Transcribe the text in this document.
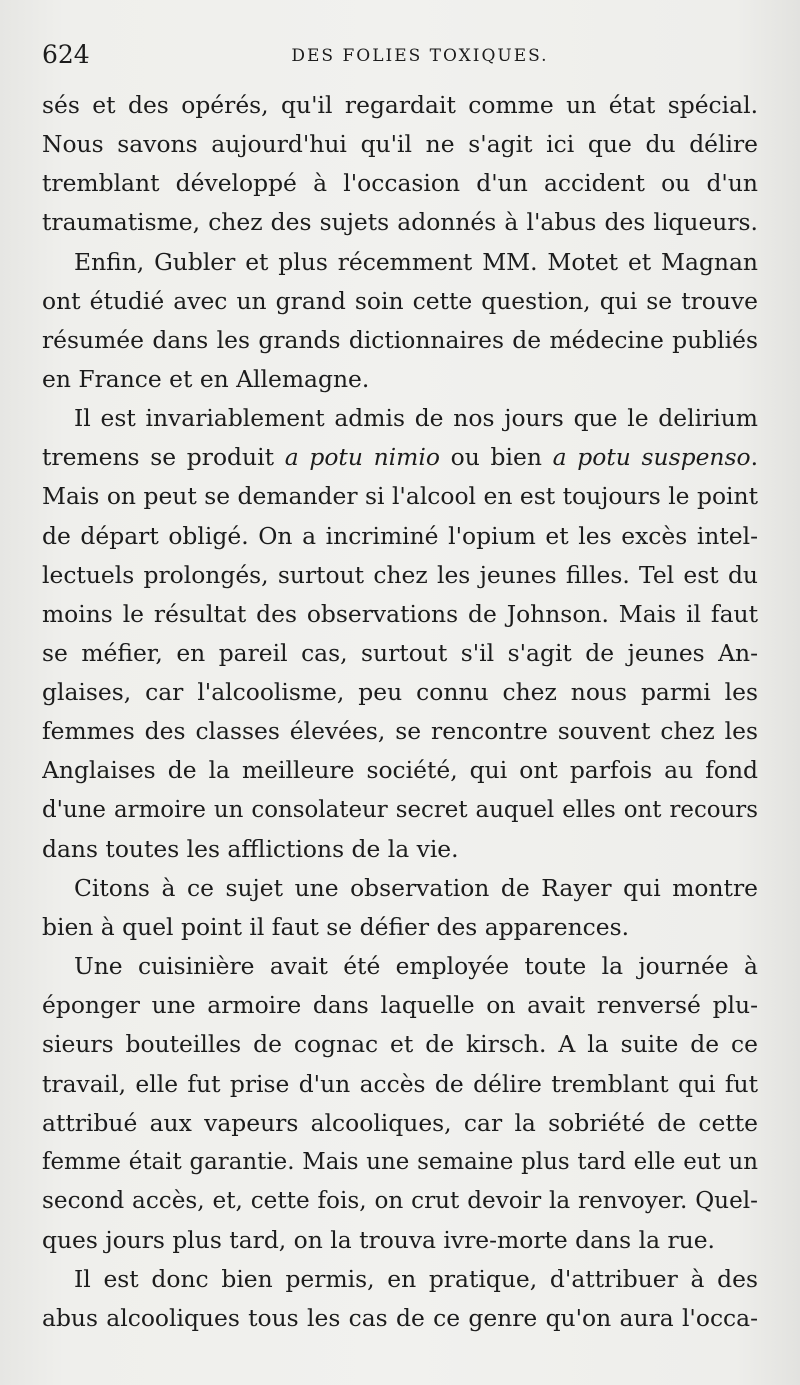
624	DES FOLIES TOXIQUES.
sés et des opérés, qu'il regardait comme un état spécial.
Nous savons aujourd'hui qu'il ne s'agit ici que du délire
tremblant développé à l'occasion d'un accident ou d'un
traumatisme, chez des sujets adonnés à l'abus des liqueurs.
Enfin, Gubler et plus récemment MM. Motet et Magnan
ont étudié avec un grand soin cette question, qui se trouve
résumée dans les grands dictionnaires de médecine publiés
en France et en Allemagne.
Il est invariablement admis de nos jours que le delirium
tremens se produit a potu nimio ou bien a potu suspenso.
Mais on peut se demander si l'alcool en est toujours le point
de départ obligé. On a incriminé l'opium et les excès intel-
lectuels prolongés, surtout chez les jeunes filles. Tel est du
moins le résultat des observations de Johnson. Mais il faut
se méfier, en pareil cas, surtout s'il s'agit de jeunes An-
glaises, car l'alcoolisme, peu connu chez nous parmi les
femmes des classes élevées, se rencontre souvent chez les
Anglaises de la meilleure société, qui ont parfois au fond
d'une armoire un consolateur secret auquel elles ont recours
dans toutes les afflictions de la vie.
Citons à ce sujet une observation de Rayer qui montre
bien à quel point il faut se défier des apparences.
Une cuisinière avait été employée toute la journée à
éponger une armoire dans laquelle on avait renversé plu-
sieurs bouteilles de cognac et de kirsch. A la suite de ce
travail, elle fut prise d'un accès de délire tremblant qui fut
attribué aux vapeurs alcooliques, car la sobriété de cette
femme était garantie. Mais une semaine plus tard elle eut un
second accès, et, cette fois, on crut devoir la renvoyer. Quel-
ques jours plus tard, on la trouva ivre-morte dans la rue.
Il est donc bien permis, en pratique, d'attribuer à des
abus alcooliques tous les cas de ce genre qu'on aura l'occa-
